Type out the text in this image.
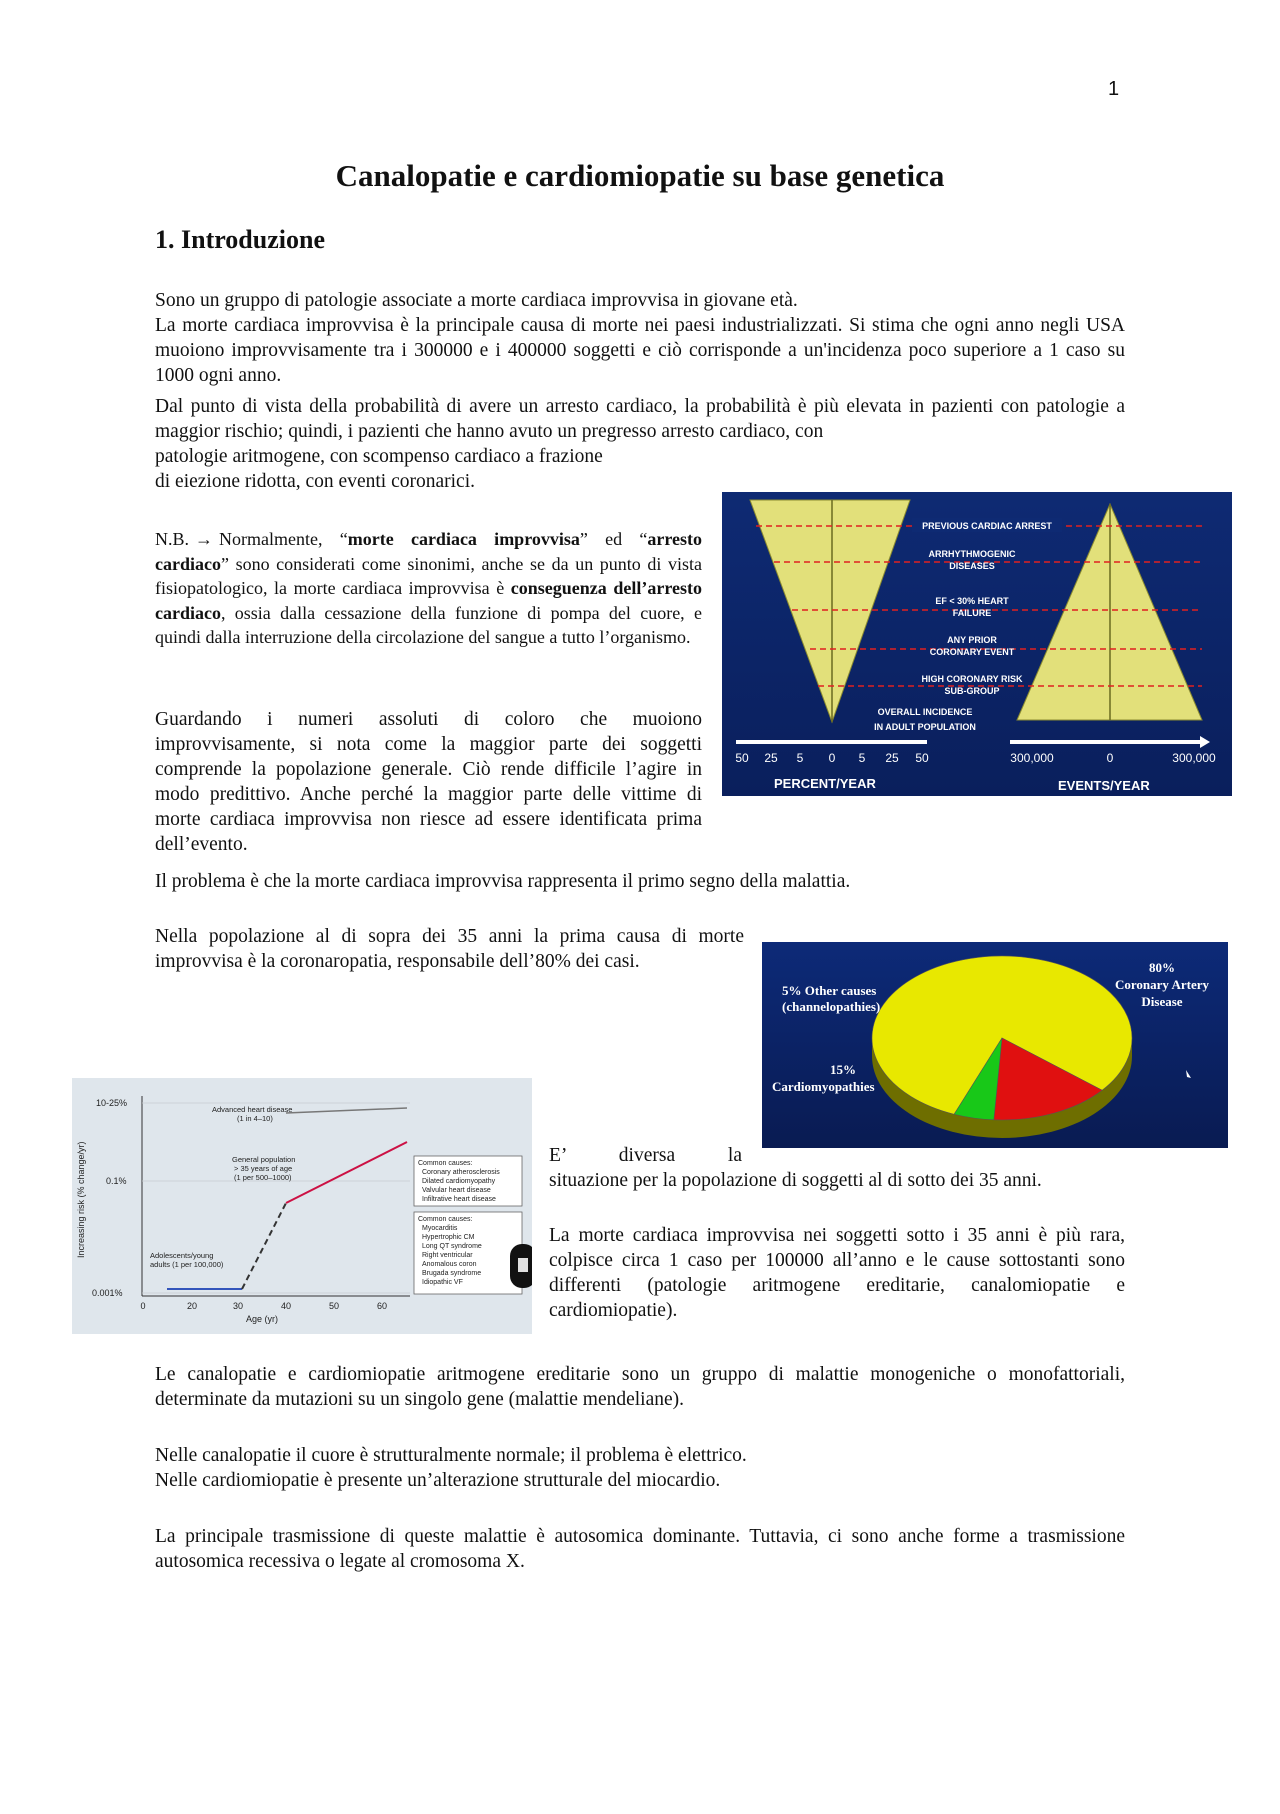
1
Canalopatie e cardiomiopatie su base genetica
1. Introduzione

Sono un gruppo di patologie associate a morte cardiaca improvvisa in giovane età.

La morte cardiaca improvvisa è la principale causa di morte nei paesi industrializzati. Si stima che ogni anno negli USA muoiono improvvisamente tra i 300000 e i 400000 soggetti e ciò corrisponde a un'incidenza poco superiore a 1 caso su 1000 ogni anno.

Dal punto di vista della probabilità di avere un arresto cardiaco, la probabilità è più elevata in pazienti con patologie a maggior rischio; quindi, i pazienti che hanno avuto un pregresso arresto cardiaco, con

patologie aritmogene, con scompenso cardiaco a frazione

di eiezione ridotta, con eventi coronarici.

N.B. → Normalmente, “morte cardiaca improvvisa” ed “arresto cardiaco” sono considerati come sinonimi, anche se da un punto di vista fisiopatologico, la morte cardiaca improvvisa è conseguenza dell’arresto cardiaco, ossia dalla cessazione della funzione di pompa del cuore, e quindi dalla interruzione della circolazione del sangue a tutto l’organismo.

Guardando i numeri assoluti di coloro che muoiono improvvisamente, si nota come la maggior parte dei soggetti comprende la popolazione generale. Ciò rende difficile l’agire in modo predittivo. Anche perché la maggior parte delle vittime di morte cardiaca improvvisa non riesce ad essere identificata prima dell’evento.

Il problema è che la morte cardiaca improvvisa rappresenta il primo segno della malattia.

Nella popolazione al di sopra dei 35 anni la prima causa di morte improvvisa è la coronaropatia, responsabile dell’80% dei casi.

E’ diversa la

situazione per la popolazione di soggetti al di sotto dei 35 anni.

La morte cardiaca improvvisa nei soggetti sotto i 35 anni è più rara, colpisce circa 1 caso per 100000 all’anno e le cause sottostanti sono differenti (patologie aritmogene ereditarie, canalomiopatie e cardiomiopatie).

Le canalopatie e cardiomiopatie aritmogene ereditarie sono un gruppo di malattie monogeniche o monofattoriali, determinate da mutazioni su un singolo gene (malattie mendeliane).

Nelle canalopatie il cuore è strutturalmente normale; il problema è elettrico.

Nelle cardiomiopatie è presente un’alterazione strutturale del miocardio.

La principale trasmissione di queste malattie è autosomica dominante. Tuttavia, ci sono anche forme a trasmissione autosomica recessiva o legate al cromosoma X.

PREVIOUS CARDIAC ARREST
ARRHYTHMOGENIC
DISEASES
EF < 30% HEART
FAILURE
ANY PRIOR
CORONARY EVENT
HIGH CORONARY RISK
SUB-GROUP
OVERALL INCIDENCE
IN ADULT POPULATION
50 25 5 0 5 25 50	300,000	0	300,000
PERCENT/YEAR	EVENTS/YEAR
5% Other causes
(channelopathies)
15%
Cardiomyopathies
80%
Coronary Artery
Disease
Increasing risk (% change/yr)
10-25%
0.1%
0.001%
0	20	30	40	50	60
Age (yr)
Advanced heart disease
(1 in 4–10)
General population
> 35 years of age
(1 per 500–1000)
Adolescents/young
adults (1 per 100,000)
Common causes:
Coronary atherosclerosis
Dilated cardiomyopathy
Valvular heart disease
Infiltrative heart disease
Common causes:
Myocarditis
Hypertrophic CM
Long QT syndrome
Right ventricular
Anomalous coron
Brugada syndrome
Idiopathic VF
